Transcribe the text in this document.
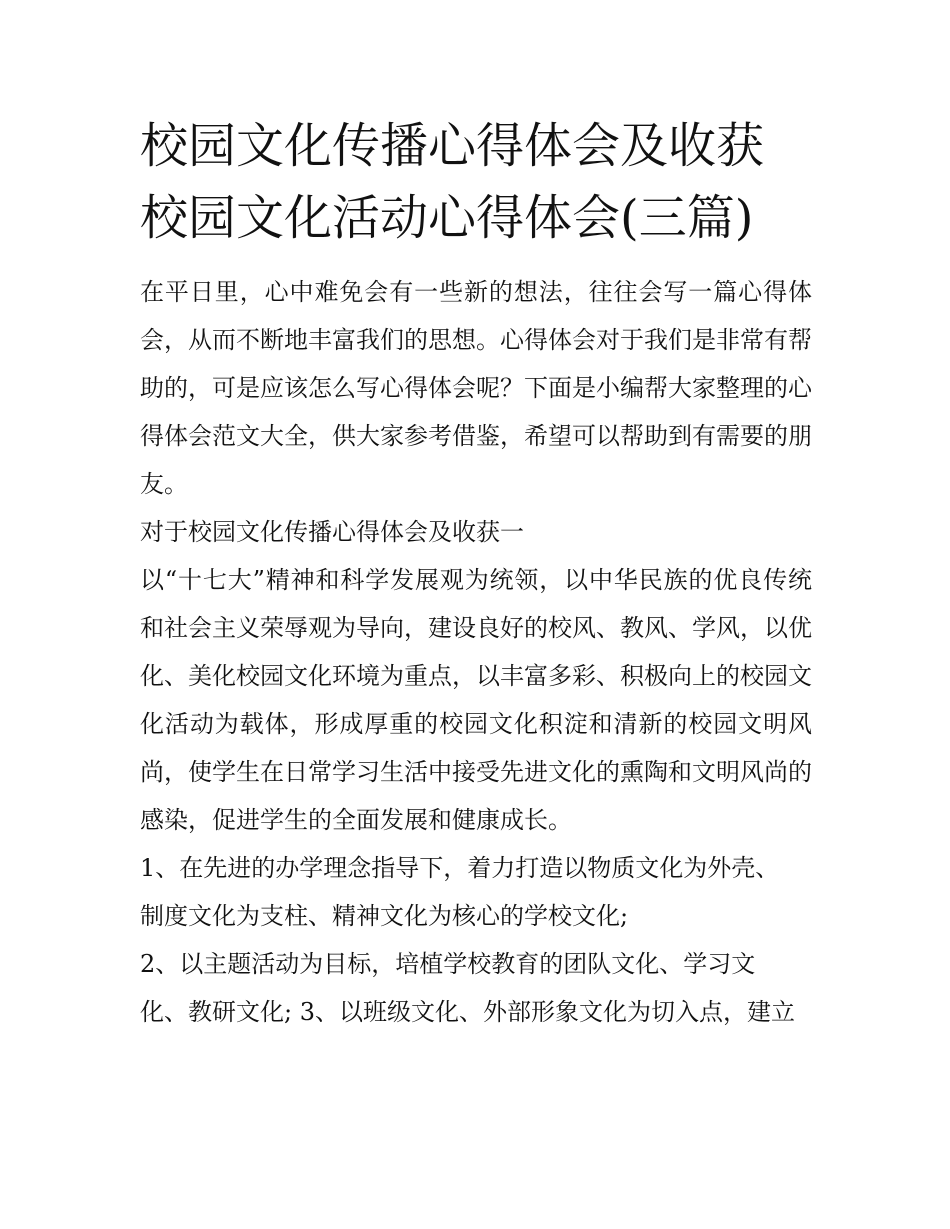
校园文化传播心得体会及收获
校园文化活动心得体会(三篇)

在平日里，心中难免会有一些新的想法，往往会写一篇心得体会，从而不断地丰富我们的思想。心得体会对于我们是非常有帮助的，可是应该怎么写心得体会呢？下面是小编帮大家整理的心得体会范文大全，供大家参考借鉴，希望可以帮助到有需要的朋友。

对于校园文化传播心得体会及收获一

以“十七大”精神和科学发展观为统领，以中华民族的优良传统和社会主义荣辱观为导向，建设良好的校风、教风、学风，以优化、美化校园文化环境为重点，以丰富多彩、积极向上的校园文化活动为载体，形成厚重的校园文化积淀和清新的校园文明风尚，使学生在日常学习生活中接受先进文化的熏陶和文明风尚的感染，促进学生的全面发展和健康成长。

1、在先进的办学理念指导下，着力打造以物质文化为外壳、

制度文化为支柱、精神文化为核心的学校文化;

2、以主题活动为目标，培植学校教育的团队文化、学习文

化、教研文化; 3、以班级文化、外部形象文化为切入点，建立
